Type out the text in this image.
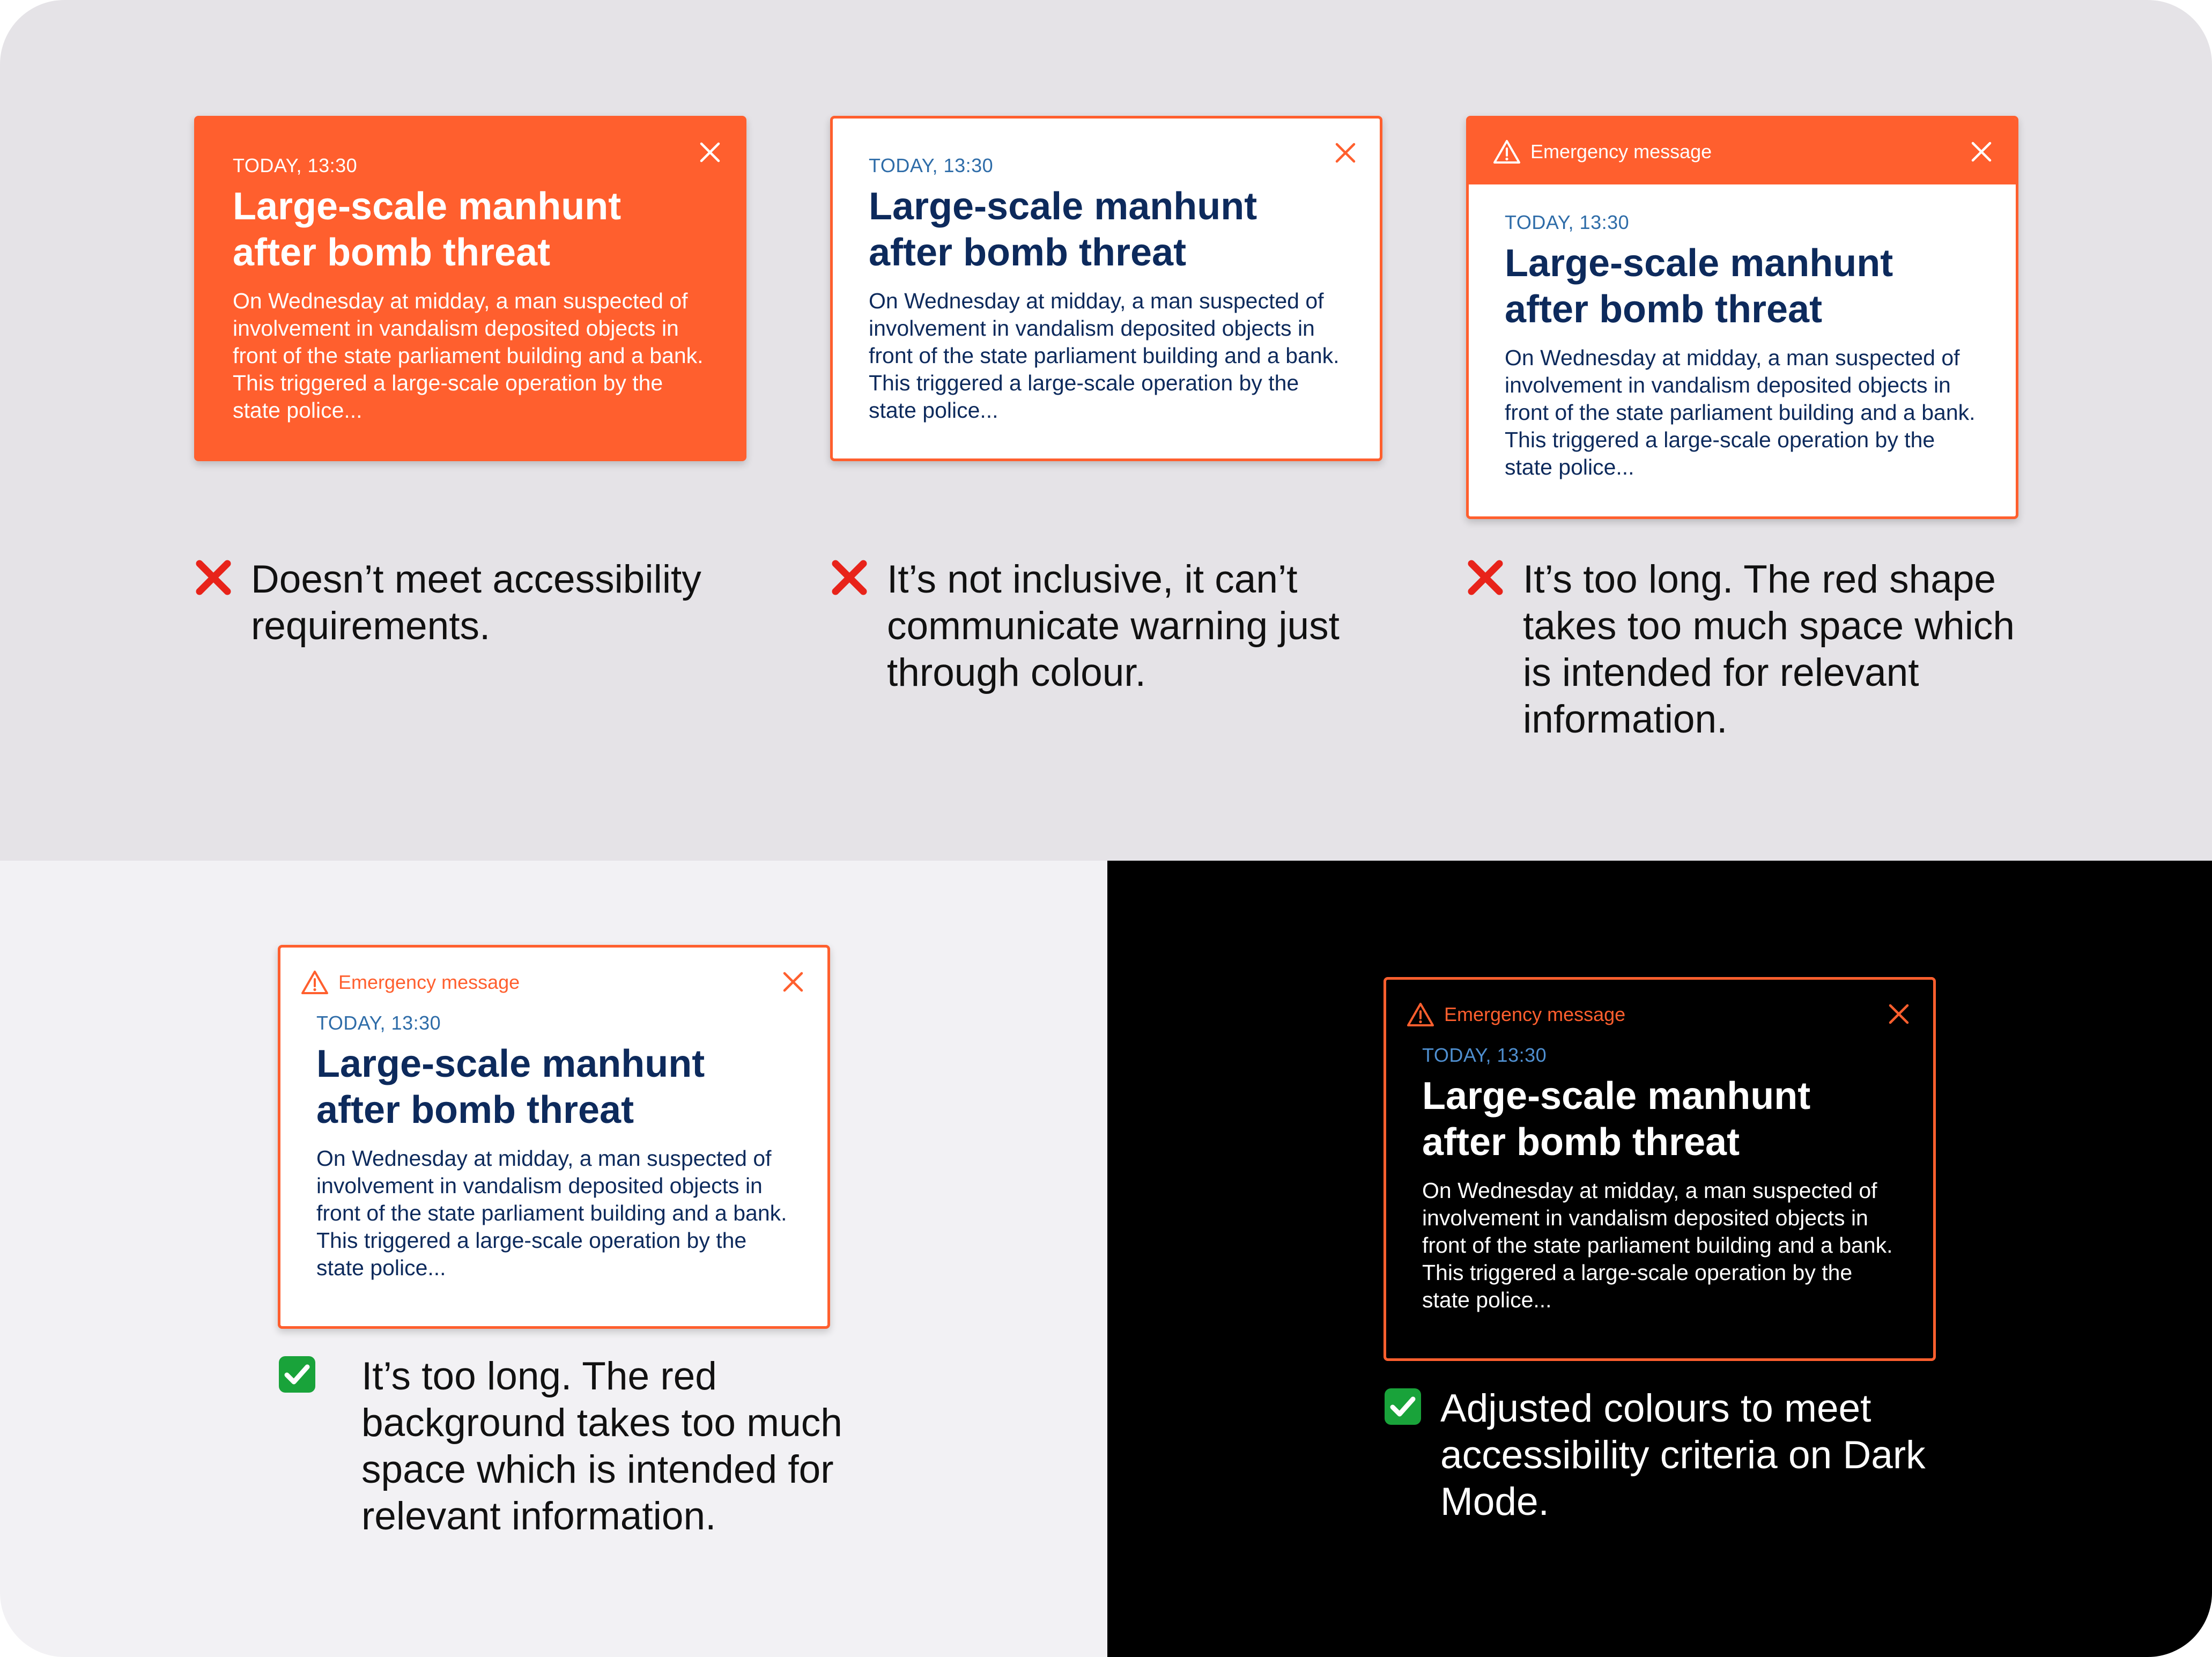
TODAY, 13:30
Large-scale manhunt after bomb threat
On Wednesday at midday, a man suspected of involvement in vandalism deposited objects in front of the state parliament building and a bank. This triggered a large-scale operation by the state police...
TODAY, 13:30
Large-scale manhunt after bomb threat
On Wednesday at midday, a man suspected of involvement in vandalism deposited objects in front of the state parliament building and a bank. This triggered a large-scale operation by the state police...
Emergency message
TODAY, 13:30
Large-scale manhunt after bomb threat
On Wednesday at midday, a man suspected of involvement in vandalism deposited objects in front of the state parliament building and a bank. This triggered a large-scale operation by the state police...
Doesn’t meet accessibility requirements.
It’s not inclusive, it can’t communicate warning just through colour.
It’s too long. The red shape takes too much space which is intended for relevant information.
Emergency message
TODAY, 13:30
Large-scale manhunt after bomb threat
On Wednesday at midday, a man suspected of involvement in vandalism deposited objects in front of the state parliament building and a bank. This triggered a large-scale operation by the state police...
It’s too long. The red background takes too much space which is intended for relevant information.
Emergency message
TODAY, 13:30
Large-scale manhunt after bomb threat
On Wednesday at midday, a man suspected of involvement in vandalism deposited objects in front of the state parliament building and a bank. This triggered a large-scale operation by the state police...
Adjusted colours to meet accessibility criteria on Dark Mode.
